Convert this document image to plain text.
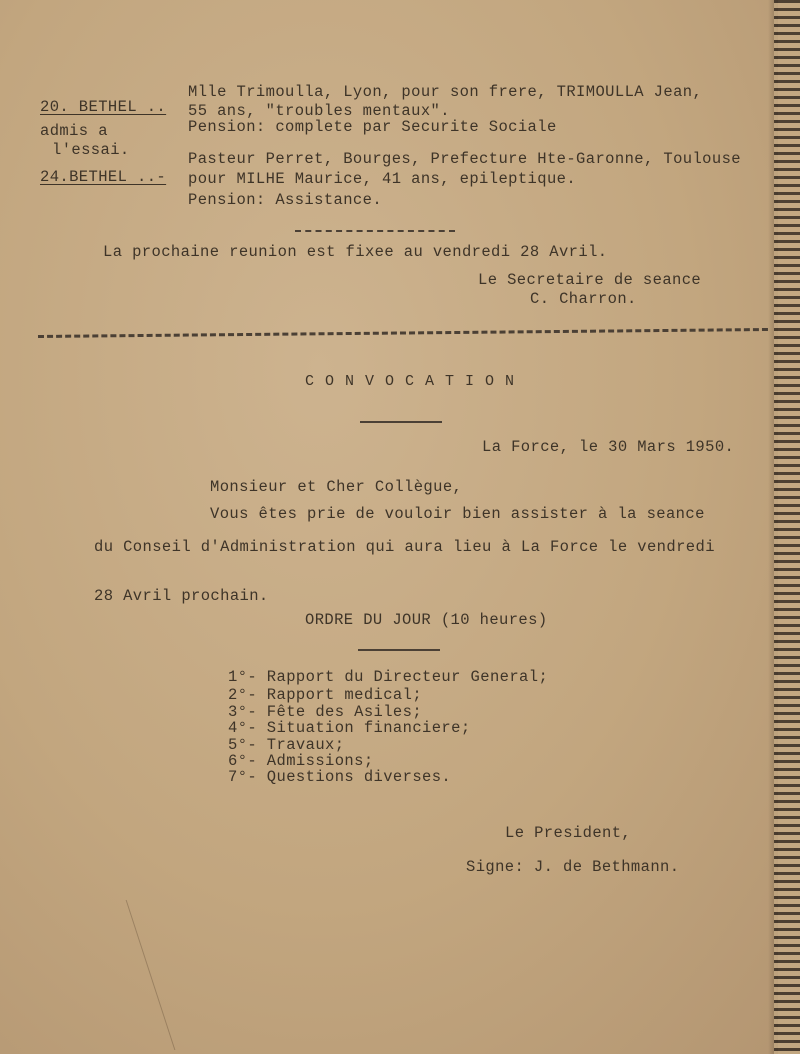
20. BETHEL ..
admis a
l'essai.
Mlle Trimoulla, Lyon, pour son frere, TRIMOULLA Jean,
55 ans, "troubles mentaux".
Pension: complete par Securite Sociale
24.BETHEL ..-
Pasteur Perret, Bourges, Prefecture Hte-Garonne, Toulouse
pour MILHE Maurice, 41 ans, epileptique.
Pension: Assistance.
La prochaine reunion est fixee au vendredi 28 Avril.
Le Secretaire de seance
C. Charron.
C O N V O C A T I O N
La Force, le 30 Mars 1950.
Monsieur et Cher Collègue,
Vous êtes prie de vouloir bien assister à la seance
du Conseil d'Administration qui aura lieu à La Force le vendredi
28 Avril prochain.
ORDRE DU JOUR (10 heures)
1°- Rapport du Directeur General;
2°- Rapport medical;
3°- Fête des Asiles;
4°- Situation financiere;
5°- Travaux;
6°- Admissions;
7°- Questions diverses.
Le President,
Signe: J. de Bethmann.
